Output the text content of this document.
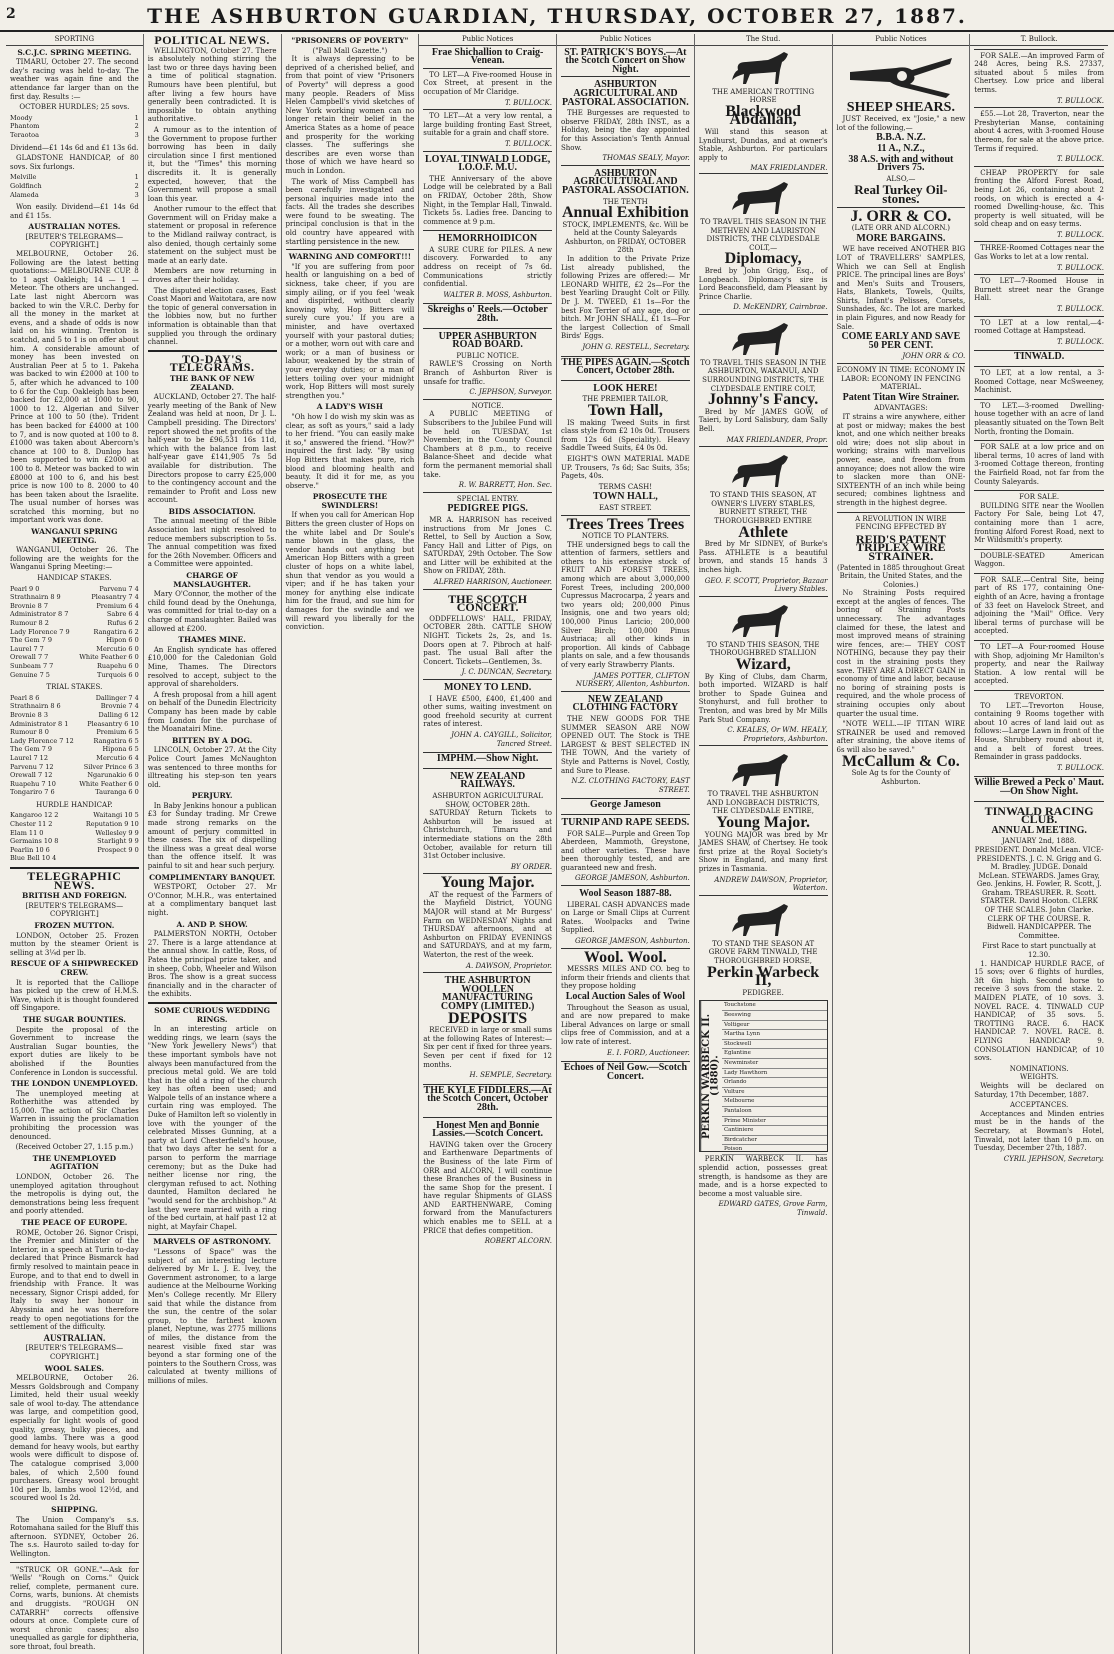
2	THE ASHBURTON GUARDIAN, THURSDAY, OCTOBER 27, 1887.
SPORTING
S.C.J.C. SPRING MEETING.

TIMARU, October 27. The second day's racing was held to-day. The weather was again fine and the attendance far larger than on the first day. Results :—

OCTOBER HURDLES; 25 sovs.
Moody	1
Phantom	2
Teraotoa	3

Dividend—£1 14s 6d and £1 13s 6d.

GLADSTONE HANDICAP, of 80 sovs. Six furlongs.

Melville	1
Goldfinch	2
Alameda	3

Won easily. Dividend—£1 14s 6d and £1 15s.

AUSTRALIAN NOTES.
[REUTER'S TELEGRAMS—COPYRIGHT.]

MELBOURNE, October 26. Following are the latest betting quotations:— MELBOURNE CUP. 8 to 1 agst Oakleigh; 14 — 1 — Meteor. The others are unchanged. Late last night Abercorn was backed to win the V.R.C. Derby for all the money in the market at evens, and a shade of odds is now laid on his winning. Trenton is scatchd, and 5 to 1 is on offer about him. A considerable amount of money has been invested on Australian Peer at 5 to 1. Pakeha was backed to win £2000 at 100 to 5, after which he advanced to 100 to 6 for the Cup. Oakleigh has been backed for £2,000 at 1000 to 90, 1000 to 12. Algerian and Silver Prince at 100 to 50 (the). Trident has been backed for £4000 at 100 to 7, and is now quoted at 100 to 8. £1000 was taken about Abercorn's chance at 100 to 8. Dunlop has been supported to win £2000 at 100 to 8. Meteor was backed to win £8000 at 100 to 6, and his best price is now 100 to 8. 2000 to 40 has been taken about the Israelite. The usual number of horses was scratched this morning, but no important work was done.

WANGANUI SPRING MEETING.

WANGANUI, October 26. The following are the weights for the Wanganui Spring Meeting:—

HANDICAP STAKES.
Pearl 9 0	Parvenu 7 4
Strathnairn 8 9	Pleasantry 7 4
Brovnie 8 7	Premium 6 4
Administrator 8 7	Sabre 6 4
Rumour 8 2	Rufus 6 2
Lady Florence 7 9	Rangatira 6 2
The Gem 7 9	Hipon 6 0
Laurel 7 7	Mercutio 6 0
Orewall 7 7	White Feather 6 0
Sunbeam 7 7	Ruapehu 6 0
Genuine 7 5	Turquois 6 0
TRIAL STAKES.
Pearl 8 6	Dallinger 7 4
Strathnairn 8 6	Brovnie 7 4
Brovnie 8 3	Dalling 6 12
Administrator 8 1	Pleasantry 6 10
Rumour 8 0	Premium 6 5
Lady Florence 7 12	Rangatira 6 5
The Gem 7 9	Hipona 6 5
Laurel 7 12	Mercutio 6 4
Parvenu 7 12	Silver Prince 6 3
Orewall 7 12	Ngarunakio 6 0
Ruapehu 7 10	White Feather 6 0
Tongariro 7 6	Tauranga 6 0
HURDLE HANDICAP.
Kangaroo 12 2	Waitangi 10 5
Chester 11 2	Reputation 9 10
Elam 11 0	Wellesley 9 9
Germains 10 8	Starlight 9 9
Pearlin 10 6	Prospect 9 0
Blue Bell 10 4
TELEGRAPHIC NEWS.
BRITISH AND FOREIGN.
[REUTER'S TELEGRAMS—COPYRIGHT.]
FROZEN MUTTON.

LONDON, October 25. Frozen mutton by the steamer Orient is selling at 3¼d per lb.

RESCUE OF A SHIPWRECKED CREW.

It is reported that the Calliope has picked up the crew of H.M.S. Wave, which it is thought foundered off Singapore.

THE SUGAR BOUNTIES.

Despite the proposal of the Government to increase the Australian Sugar bounties, the export duties are likely to be abolished if the Bounties Conference in London is successful.

THE LONDON UNEMPLOYED.

The unemployed meeting at Rotherhithe was attended by 15,000. The action of Sir Charles Warren in issuing the proclamation prohibiting the procession was denounced.

(Received October 27, 1.15 p.m.)
THE UNEMPLOYED AGITATION

LONDON, October 26. The unemployed agitation throughout the metropolis is dying out, the demonstrations being less frequent and poorly attended.

THE PEACE OF EUROPE.

ROME, October 26. Signor Crispi, the Premier and Minister of the Interior, in a speech at Turin to-day declared that Prince Bismarck had firmly resolved to maintain peace in Europe, and to that end to dwell in friendship with France. It was necessary, Signor Crispi added, for Italy to sway her honour in Abyssinia and he was therefore ready to open negotiations for the settlement of the difficulty.

AUSTRALIAN.
[REUTER'S TELEGRAMS—COPYRIGHT.]
WOOL SALES.

MELBOURNE, October 26. Messrs Goldsbrough and Company Limited, held their usual weekly sale of wool to-day. The attendance was large, and competition good, especially for light wools of good quality, greasy, bulky pieces, and good lambs. There was a good demand for heavy wools, but earthy wools were difficult to dispose of. The catalogue comprised 3,000 bales, of which 2,500 found purchasers. Greasy wool brought 10d per lb, lambs wool 12½d, and scoured wool 1s 2d.

SHIPPING.

The Union Company's s.s. Rotomahana sailed for the Bluff this afternoon. SYDNEY, October 26. The s.s. Hauroto sailed to-day for Wellington.

"STRUCK OR GONE."—Ask for 'Wells' "Rough on Corns." Quick relief, complete, permanent cure. Corns, warts, bunions. At chemists and druggists. "ROUGH ON CATARRH" corrects offensive odours at once. Complete cure of worst chronic cases; also unequalled as gargle for diphtheria, sore throat, foul breath.

POLITICAL NEWS.

WELLINGTON, October 27. There is absolutely nothing stirring the last two or three days having been a time of political stagnation. Rumours have been plentiful, but after living a few hours have generally been contradicted. It is impossible to obtain anything authoritative.

A rumour as to the intention of the Government to propose further borrowing has been in daily circulation since I first mentioned it, but the "Times" this morning discredits it. It is generally expected, however, that the Government will propose a small loan this year.

Another rumour to the effect that Government will on Friday make a statement or proposal in reference to the Midland railway contract, is also denied, though certainly some statement on the subject must be made at an early date.

Members are now returning in droves after their holiday.

The disputed election cases, East Coast Maori and Waitotara, are now the topic of general conversation in the lobbies now, but no further information is obtainable than that supplied you through the ordinary channel.

TO-DAY'S TELEGRAMS.
THE BANK OF NEW ZEALAND.

AUCKLAND, October 27. The half-yearly meeting of the Bank of New Zealand was held at noon, Dr J. L. Campbell presiding. The Directors' report showed the net profits of the half-year to be £96,531 16s 11d, which with the balance from last half-year gave £141,905 7s 5d available for distribution. The Directors propose to carry £25,000 to the contingency account and the remainder to Profit and Loss new account.

BIDS ASSOCIATION.

The annual meeting of the Bible Association last night resolved to reduce members subscription to 5s. The annual competition was fixed for the 26th November. Officers and a Committee were appointed.

CHARGE OF MANSLAUGHTER.

Mary O'Connor, the mother of the child found dead by the Onehunga, was committed for trial to-day on a charge of manslaughter. Bailed was allowed at £200.

THAMES MINE.

An English syndicate has offered £10,000 for the Caledonian Gold Mine, Thames. The Directors resolved to accept, subject to the approval of shareholders.

A fresh proposal from a hill agent on behalf of the Dunedin Electricity Company has been made by cable from London for the purchase of the Moanatairi Mine.

BITTEN BY A DOG.

LINCOLN, October 27. At the City Police Court James McNaughton was sentenced to three months for illtreating his step-son ten years old.

PERJURY.

In Baby Jenkins honour a publican £3 for Sunday trading. Mr Crewe made strong remarks on the amount of perjury committed in these cases. The six of dispelling the illness was a great deal worse than the offence itself. It was painful to sit and hear such perjury.

COMPLIMENTARY BANQUET.

WESTPORT, October 27. Mr O'Connor, M.H.R., was entertained at a complimentary banquet last night.

A. AND P. SHOW.

PALMERSTON NORTH, October 27. There is a large attendance at the annual show. In cattle, Ross, of Patea the principal prize taker, and in sheep, Cobb, Wheeler and Wilson Bros. The show is a great success financially and in the character of the exhibits.

SOME CURIOUS WEDDING RINGS.

In an interesting article on wedding rings, we learn (says the "New York Jewellery News") that these important symbols have not always been manufactured from the precious metal gold. We are told that in the old a ring of the church key has often been used; and Walpole tells of an instance where a curtain ring was employed. The Duke of Hamilton left so violently in love with the younger of the celebrated Misses Gunning, at a party at Lord Chesterfield's house, that two days after he sent for a parson to perform the marriage ceremony; but as the Duke had neither license nor ring, the clergyman refused to act. Nothing daunted, Hamilton declared he "would send for the archbishop." At last they were married with a ring of the bed curtain, at half past 12 at night, at Mayfair Chapel.

MARVELS OF ASTRONOMY.

"Lessons of Space" was the subject of an interesting lecture delivered by Mr L. J. E. Ivey, the Government astronomer, to a large audience at the Melbourne Working Men's College recently. Mr Ellery said that while the distance from the sun, the centre of the solar group, to the farthest known planet, Neptune, was 2775 millions of miles, the distance from the nearest visible fixed star was beyond a star forming one of the pointers to the Southern Cross, was calculated at twenty millions of millions of miles.

"PRISONERS OF POVERTY"
("Pall Mall Gazette.")

It is always depressing to be deprived of a cherished belief, and from that point of view "Prisoners of Poverty" will depress a good many people. Readers of Miss Helen Campbell's vivid sketches of New York working women can no longer retain their belief in the America States as a home of peace and prosperity for the working classes. The sufferings she describes are even worse than those of which we have heard so much in London.

The work of Miss Campbell has been carefully investigated and personal inquiries made into the facts. All the trades she describes were found to be sweating. The principal conclusion is that in the old country have appeared with startling persistence in the new.

WARNING AND COMFORT!!!

"If you are suffering from poor health or languishing on a bed of sickness, take cheer, if you are simply ailing, or if you feel 'weak and dispirited, without clearly knowing why, Hop Bitters will surely cure you.' If you are a minister, and have overtaxed yourself with your pastoral duties; or a mother, worn out with care and work; or a man of business or labour, weakened by the strain of your everyday duties; or a man of letters toiling over your midnight work, Hop Bitters will most surely strengthen you."

A LADY'S WISH

"Oh how I do wish my skin was as clear, as soft as yours," said a lady to her friend. "You can easily make it so," answered the friend. "How?" inquired the first lady. "By using Hop Bitters that makes pure, rich blood and blooming health and beauty. It did it for me, as you observe."

PROSECUTE THE SWINDLERS!

If when you call for American Hop Bitters the green cluster of Hops on the white label and Dr Soule's name blown in the glass, the vendor hands out anything but American Hop Bitters with a green cluster of hops on a white label, shun that vendor as you would a viper; and if he has taken your money for anything else indicate him for the fraud, and sue him for damages for the swindle and we will reward you liberally for the conviction.

Public Notices
Frae Shichallion to Craig-Venean.

TO LET—A Five-roomed House in Cox Street, at present in the occupation of Mr Claridge.

T. BULLOCK.

TO LET—At a very low rental, a large building fronting East Street, suitable for a grain and chaff store.

T. BULLOCK.
LOYAL TINWALD LODGE, I.O.O.F. M.U.

THE Anniversary of the above Lodge will be celebrated by a Ball on FRIDAY, October 28th, Show Night, in the Templar Hall, Tinwald. Tickets 5s. Ladies free. Dancing to commence at 9 p.m.

HEMORRHOIDICON

A SURE CURE for PILES. A new discovery. Forwarded to any address on receipt of 7s 6d. Communications strictly confidential.

WALTER B. MOSS, Ashburton.
Skreighs o' Reels.—October 28th.
UPPER ASHBURTON ROAD BOARD.
PUBLIC NOTICE.

RAWLE'S Crossing on North Branch of Ashburton River is unsafe for traffic.

C. JEPHSON, Surveyor.
NOTICE.

A PUBLIC MEETING of Subscribers to the Jubilee Fund will be held on TUESDAY, 1st November, in the County Council Chambers at 8 p.m., to receive Balance-Sheet and decide what form the permanent memorial shall take.

R. W. BARRETT, Hon. Sec.
SPECIAL ENTRY.
PEDIGREE PIGS.

MR A. HARRISON has received instructions from Mr Jones C. Rettel, to Sell by Auction a Sow, Fancy Hall and Litter of Pigs, on SATURDAY, 29th October. The Sow and Litter will be exhibited at the Show on FRIDAY, 28th.

ALFRED HARRISON, Auctioneer.
THE SCOTCH CONCERT.

ODDFELLOWS' HALL, FRIDAY, OCTOBER 28th. CATTLE SHOW NIGHT. Tickets 2s, 2s, and 1s. Doors open at 7. Pibroch at half-past. The usual Ball after the Concert. Tickets—Gentlemen, 3s.

J. C. DUNCAN, Secretary.
MONEY TO LEND.

I HAVE £500, £400, £1,400 and other sums, waiting investment on good freehold security at current rates of interest.

JOHN A. CAYGILL, Solicitor, Tancred Street.
IMPHM.—Show Night.
NEW ZEALAND RAILWAYS.
ASHBURTON AGRICULTURAL SHOW, OCTOBER 28th.

SATURDAY Return Tickets to Ashburton will be issued at Christchurch, Timaru and intermediate stations on the 28th October, available for return till 31st October inclusive.

BY ORDER.
Young Major.

AT the request of the Farmers of the Mayfield District, YOUNG MAJOR will stand at Mr Burgess' Farm on WEDNESDAY Nights and THURSDAY afternoons, and at Ashburton on FRIDAY EVENINGS and SATURDAYS, and at my farm, Waterton, the rest of the week.

A. DAWSON, Proprietor.
THE ASHBURTON WOOLLEN MANUFACTURING COMPY (LIMITED.)
DEPOSITS

RECEIVED in large or small sums at the following Rates of Interest:—Six per cent if fixed for three years. Seven per cent if fixed for 12 months.

H. SEMPLE, Secretary.
THE KYLE FIDDLERS.—At the Scotch Concert, October 28th.
Honest Men and Bonnie Lassies.—Scotch Concert.

HAVING taken over the Grocery and Earthenware Departments of the Business of the late Firm of ORR and ALCORN, I will continue these Branches of the Business in the same Shop for the present. I have regular Shipments of GLASS AND EARTHENWARE, Coming forward from the Manufacturers which enables me to SELL at a PRICE that defies competition.

ROBERT ALCORN.
Public Notices
ST. PATRICK'S BOYS.—At the Scotch Concert on Show Night.
ASHBURTON AGRICULTURAL AND PASTORAL ASSOCIATION.

THE Burgesses are requested to observe FRIDAY, 28th INST., as a Holiday, being the day appointed for this Association's Tenth Annual Show.

THOMAS SEALY, Mayor.
ASHBURTON AGRICULTURAL AND PASTORAL ASSOCIATION.
THE TENTH
Annual Exhibition
STOCK, IMPLEMENTS, &c. Will be held at the County Saleyards Ashburton, on FRIDAY, OCTOBER 28th

In addition to the Private Prize List already published, the following Prizes are offered:— Mr LEONARD WHITE, £2 2s—For the best Yearling Draught Colt or Filly. Dr J. M. TWEED, £1 1s—For the best Fox Terrier of any age, dog or bitch. Mr JOHN SHALL, £1 1s—For the largest Collection of Small Birds' Eggs.

JOHN G. RESTELL, Secretary.
THE PIPES AGAIN.—Scotch Concert, October 28th.
LOOK HERE!
THE PREMIER TAILOR,
Town Hall,

IS making Tweed Suits in first class style from £2 10s 0d. Trousers from 12s 6d (Speciality). Heavy Saddle Tweed Suits, £4 0s 0d.

EIGHT'S OWN MATERIAL MADE UP. Trousers, 7s 6d; Sac Suits, 35s; Pagets, 40s.

TERMS CASH!
TOWN HALL,
EAST STREET.
Trees Trees Trees
NOTICE TO PLANTERS.

THE undersigned begs to call the attention of farmers, settlers and others to his extensive stock of FRUIT AND FOREST TREES, among which are about 3,000,000 Forest Trees, including 200,000 Cupressus Macrocarpa, 2 years and two years old; 200,000 Pinus Insignis, one and two years old; 100,000 Pinus Laricio; 200,000 Silver Birch; 100,000 Pinus Austriaca; all other kinds in proportion. All kinds of Cabbage plants on sale, and a few thousands of very early Strawberry Plants.

JAMES POTTER, CLIFTON NURSERY, Allenton, Ashburton.
NEW ZEALAND CLOTHING FACTORY

THE NEW GOODS FOR THE SUMMER SEASON ARE NOW OPENED OUT. The Stock is THE LARGEST & BEST SELECTED IN THE TOWN, And the variety of Style and Patterns is Novel, Costly, and Sure to Please.

N.Z. CLOTHING FACTORY, EAST STREET.
George Jameson
TURNIP AND RAPE SEEDS.

FOR SALE—Purple and Green Top Aberdeen, Mammoth, Greystone, and other varieties. These have been thoroughly tested, and are guaranteed new and fresh.

GEORGE JAMESON, Ashburton.
Wool Season 1887-88.

LIBERAL CASH ADVANCES made on Large or Small Clips at Current Rates. Woolpacks and Twine Supplied.

GEORGE JAMESON, Ashburton.
Wool. Wool.

MESSRS MILES AND CO. beg to inform their friends and clients that they propose holding

Local Auction Sales of Wool

Throughout the Season as usual, and are now prepared to make Liberal Advances on large or small clips free of Commission, and at a low rate of interest.

E. I. FORD, Auctioneer.
Echoes of Neil Gow.—Scotch Concert.
The Stud.
THE AMERICAN TROTTING HORSE
Blackwood Abdallah,

Will stand this season at Lyndhurst, Dundas, and at owner's Stable, Ashburton. For particulars apply to

MAX FRIEDLANDER.
TO TRAVEL THIS SEASON IN THE METHVEN AND LAURISTON DISTRICTS, THE CLYDESDALE COLT,—
Diplomacy,

Bred by John Grigg, Esq., of Longbeach. Diplomacy's sire is Lord Beaconsfield, dam Pleasant by Prince Charlie.

D. McKENDRY, Cairnbrae.
TO TRAVEL THIS SEASON IN THE ASHBURTON, WAKANUI, AND SURROUNDING DISTRICTS, THE CLYDESDALE ENTIRE COLT,
Johnny's Fancy.

Bred by Mr JAMES GOW, of Taieri, by Lord Salisbury, dam Sally Bell.

MAX FRIEDLANDER, Propr.
TO STAND THIS SEASON, AT OWNER'S LIVERY STABLES, BURNETT STREET, THE THOROUGHBRED ENTIRE
Athlete

Bred by Mr SIDNEY, of Burke's Pass. ATHLETE is a beautiful brown, and stands 15 hands 3 inches high.

GEO. F. SCOTT, Proprietor, Bazaar Livery Stables.
TO STAND THIS SEASON, THE THOROUGHBRED STALLION
Wizard,

By King of Clubs, dam Charm, both imported. WIZARD is half brother to Spade Guinea and Stonyhurst, and full brother to Trenton, and was bred by Mr Mills Park Stud Company.

C. KEALES, Or WM. HEALY, Proprietors, Ashburton.
TO TRAVEL THE ASHBURTON AND LONGBEACH DISTRICTS, THE CLYDESDALE ENTIRE,
Young Major.

YOUNG MAJOR was bred by Mr JAMES SHAW, of Chertsey. He took first prize at the Royal Society's Show in England, and many first prizes in Tasmania.

ANDREW DAWSON, Proprietor, Waterton.
TO STAND THE SEASON AT GROVE FARM TINWALD, THE THOROUGHBRED HORSE,
Perkin Warbeck II,
PEDIGREE.
PERKIN WARBECK II. (1880).
Touchstone
Beeswing
Voltigeur
Martha Lynn
Stockwell
Eglantine
Newminster
Lady Hawthorn
Orlando
Vulture
Melbourne
Pantaloon
Prime Minister
Cantiniere
Birdcatcher
Poison

PERKIN WARBECK II. has splendid action, possesses great strength, is handsome as they are made, and is a horse expected to become a most valuable sire.

EDWARD GATES, Grove Farm, Tinwald.
Public Notices
SHEEP SHEARS.

JUST Received, ex "Josie," a new lot of the following,—

B.B.A. N.Z.
11 A., N.Z.,
38 A.S. with and without Drivers 75.
ALSO,—
Real Turkey Oil-stones.
J. ORR & CO.
(LATE ORR AND ALCORN.)
MORE BARGAINS.

WE have received ANOTHER BIG LOT of TRAVELLERS' SAMPLES, Which we can Sell at English PRICE. The principal lines are Boys' and Men's Suits and Trousers, Hats, Blankets, Towels, Quilts, Shirts, Infant's Pelisses, Corsets, Sunshades, &c. The lot are marked in plain Figures, and now Ready for Sale.

COME EARLY AND SAVE 50 PER CENT.
JOHN ORR & CO.
ECONOMY IN TIME: ECONOMY IN LABOR: ECONOMY IN FENCING MATERIAL.
Patent Titan Wire Strainer.
ADVANTAGES:

IT strains a wire anywhere, either at post or midway; makes the best knot, and one which neither breaks old wire; does not slip about in working; strains with marvellous power, ease, and freedom from annoyance; does not allow the wire to slacken more than ONE-SIXTEENTH of an inch while being secured; combines lightness and strength in the highest degree.

A REVOLUTION IN WIRE FENCING EFFECTED BY
REID'S PATENT TRIPLEX WIRE STRAINER.
(Patented in 1885 throughout Great Britain, the United States, and the Colonies.)

No Straining Posts required except at the angles of fences. The boring of Straining Posts unnecessary. The advantages claimed for these, the latest and most improved means of straining wire fences, are:— THEY COST NOTHING, because they pay their cost in the straining posts they save. THEY ARE A DIRECT GAIN in economy of time and labor, because no boring of straining posts is required, and the whole process of straining occupies only about quarter the usual time.

"NOTE WELL.—IF TITAN WIRE STRAINER be used and removed after straining, the above items of 6s will also be saved."

McCallum & Co.
Sole Ag ts for the County of Ashburton.
T. Bullock.

FOR SALE.—An improved Farm of 248 Acres, being R.S. 27337, situated about 5 miles from Chertsey. Low price and liberal terms.

T. BULLOCK.

£55.—Lot 28, Traverton, near the Presbyterian Manse, containing about 4 acres, with 3-roomed House thereon, for sale at the above price. Terms if required.

T. BULLOCK.

CHEAP PROPERTY for sale fronting the Alford Forest Road, being Lot 26, containing about 2 roods, on which is erected a 4-roomed Dwelling-house, &c. This property is well situated, will be sold cheap and on easy terms.

T. BULLOCK.

THREE-Roomed Cottages near the Gas Works to let at a low rental.

T. BULLOCK.

TO LET—7-Roomed House in Burnett street near the Grange Hall.

T. BULLOCK.

TO LET at a low rental,—4-roomed Cottage at Hampstead.

T. BULLOCK.
TINWALD.

TO LET, at a low rental, a 3-Roomed Cottage, near McSweeney, Machinist.

TO LET.—3-roomed Dwelling-house together with an acre of land pleasantly situated on the Town Belt North, fronting the Domain.

FOR SALE at a low price and on liberal terms, 10 acres of land with 3-roomed Cottage thereon, fronting the Fairfield Road, not far from the County Saleyards.

FOR SALE.

BUILDING SITE near the Woollen Factory For Sale, being Lot 47, containing more than 1 acre, fronting Alford Forest Road, next to Mr Wildsmith's property.

DOUBLE-SEATED American Waggon.

FOR SALE.—Central Site, being part of RS 177, containing One-eighth of an Acre, having a frontage of 33 feet on Havelock Street, and adjoining the "Mail" Office. Very liberal terms of purchase will be accepted.

TO LET—A Four-roomed House with Shop, adjoining Mr Hamilton's property, and near the Railway Station. A low rental will be accepted.

TREVORTON.

TO LET.—Trevorton House, containing 9 Rooms together with about 10 acres of land laid out as follows:—Large Lawn in front of the House, Shrubbery round about it, and a belt of forest trees. Remainder in grass paddocks.

T. BULLOCK.
Willie Brewed a Peck o' Maut.—On Show Night.
TINWALD RACING CLUB.
ANNUAL MEETING.
JANUARY 2nd, 1888.

PRESIDENT. Donald McLean. VICE-PRESIDENTS. J. C. N. Grigg and G. M. Bradley. JUDGE. Donald McLean. STEWARDS. James Gray, Geo. Jenkins, H. Fowler, R. Scott, J. Graham. TREASURER. R. Scott. STARTER. David Hooton. CLERK OF THE SCALES. John Clarke. CLERK OF THE COURSE. R. Bidwell. HANDICAPPER. The Committee.

First Race to start punctually at 12.30.

1. HANDICAP HURDLE RACE, of 15 sovs; over 6 flights of hurdles, 3ft 6in high. Second horse to receive 3 sovs from the stake. 2. MAIDEN PLATE, of 10 sovs. 3. NOVEL RACE. 4. TINWALD CUP HANDICAP, of 35 sovs. 5. TROTTING RACE. 6. HACK HANDICAP. 7. NOVEL RACE. 8. FLYING HANDICAP. 9. CONSOLATION HANDICAP, of 10 sovs.

NOMINATIONS.
WEIGHTS.

Weights will be declared on Saturday, 17th December, 1887.

ACCEPTANCES.

Acceptances and Minden entries must be in the hands of the Secretary, at Bowman's Hotel, Tinwald, not later than 10 p.m. on Tuesday, December 27th, 1887.

CYRIL JEPHSON, Secretary.
